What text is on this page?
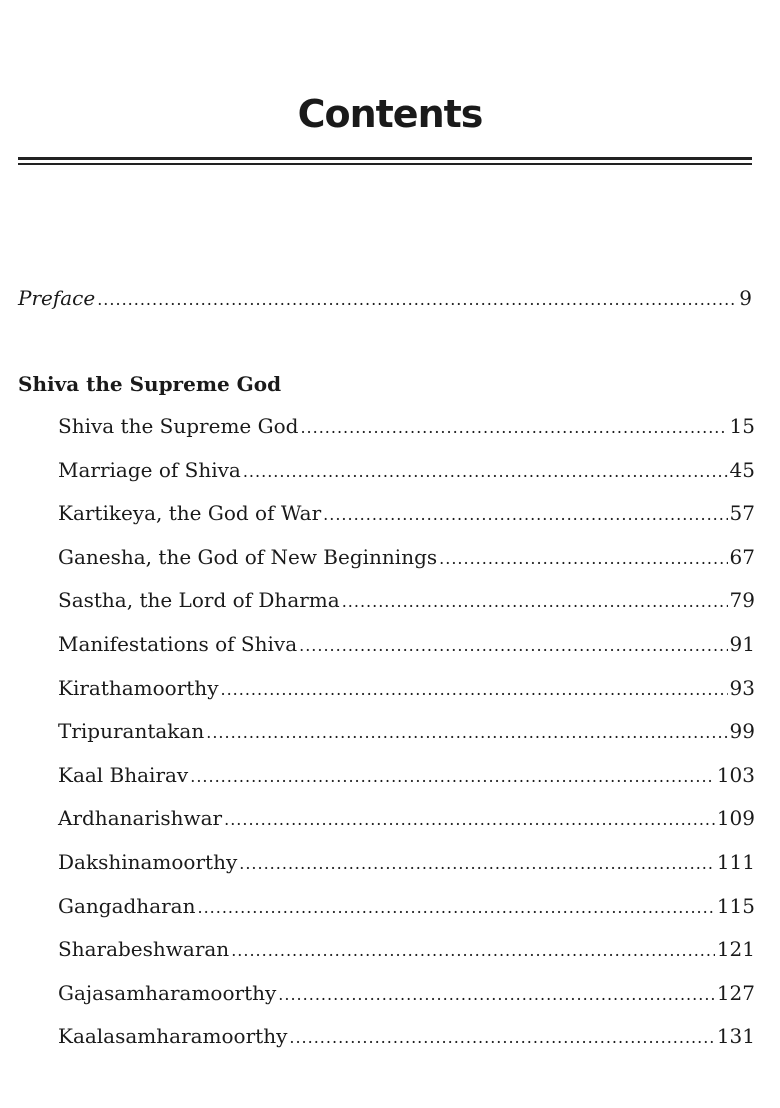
Contents
Preface .....	9
Shiva the Supreme God
Shiva the Supreme God .....	15
Marriage of Shiva .....	45
Kartikeya, the God of War .....	57
Ganesha, the God of New Beginnings .....	67
Sastha, the Lord of Dharma .....	79
Manifestations of Shiva .....	91
Kirathamoorthy .....	93
Tripurantakan .....	99
Kaal Bhairav .....	103
Ardhanarishwar .....	109
Dakshinamoorthy .....	111
Gangadharan .....	115
Sharabeshwaran .....	121
Gajasamharamoorthy .....	127
Kaalasamharamoorthy .....	131
